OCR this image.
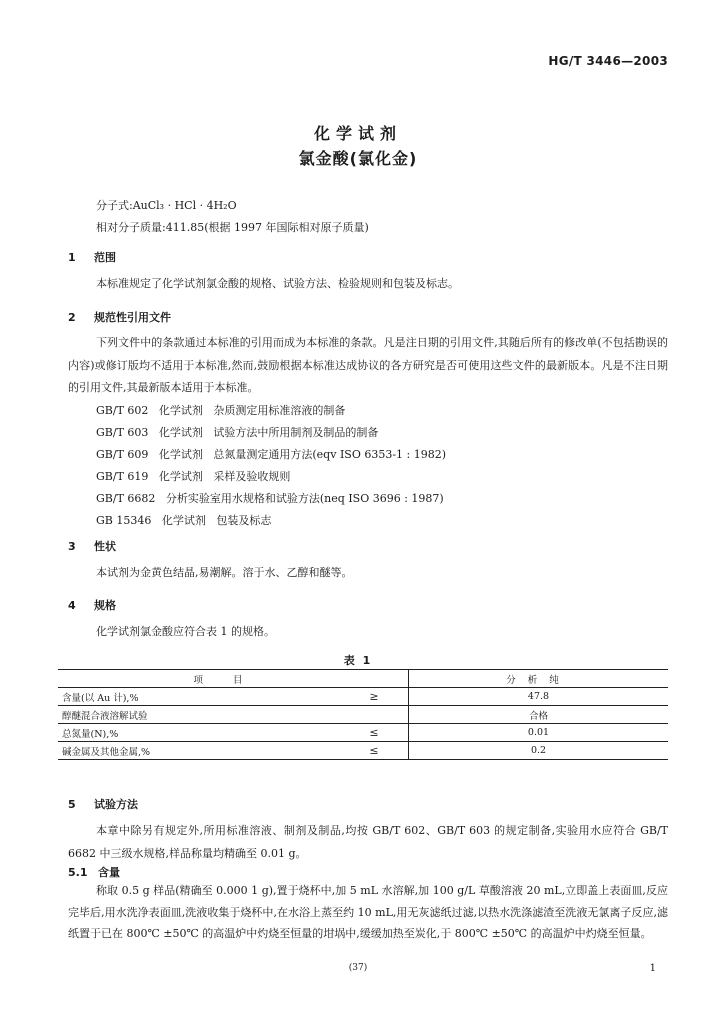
HG/T 3446—2003
化学试剂
氯金酸(氯化金)
分子式:AuCl₃ · HCl · 4H₂O
相对分子质量:411.85(根据 1997 年国际相对原子质量)
1 范围
本标准规定了化学试剂氯金酸的规格、试验方法、检验规则和包装及标志。
2 规范性引用文件
下列文件中的条款通过本标准的引用而成为本标准的条款。凡是注日期的引用文件,其随后所有的修改单(不包括勘误的内容)或修订版均不适用于本标准,然而,鼓励根据本标准达成协议的各方研究是否可使用这些文件的最新版本。凡是不注日期的引用文件,其最新版本适用于本标准。
GB/T 602   化学试剂   杂质测定用标准溶液的制备
GB/T 603   化学试剂   试验方法中所用制剂及制品的制备
GB/T 609   化学试剂   总氮量测定通用方法(eqv ISO 6353-1 : 1982)
GB/T 619   化学试剂   采样及验收规则
GB/T 6682   分析实验室用水规格和试验方法(neq ISO 3696 : 1987)
GB 15346   化学试剂   包装及标志
3 性状
本试剂为金黄色结晶,易潮解。溶于水、乙醇和醚等。
4 规格
化学试剂氯金酸应符合表 1 的规格。
表 1
项目		分析纯
含量(以 Au 计),%	≥	47.8
醇醚混合液溶解试验		合格
总氮量(N),%	≤	0.01
碱金属及其他金属,%	≤	0.2
5 试验方法
本章中除另有规定外,所用标准溶液、制剂及制品,均按 GB/T 602、GB/T 603 的规定制备,实验用水应符合 GB/T 6682 中三级水规格,样品称量均精确至 0.01 g。
5.1 含量
称取 0.5 g 样品(精确至 0.000 1 g),置于烧杯中,加 5 mL 水溶解,加 100 g/L 草酸溶液 20 mL,立即盖上表面皿,反应完毕后,用水洗净表面皿,洗液收集于烧杯中,在水浴上蒸至约 10 mL,用无灰滤纸过滤,以热水洗涤滤渣至洗液无氯离子反应,滤纸置于已在 800℃ ±50℃ 的高温炉中灼烧至恒量的坩埚中,缓缓加热至炭化,于 800℃ ±50℃ 的高温炉中灼烧至恒量。
(37)	1
